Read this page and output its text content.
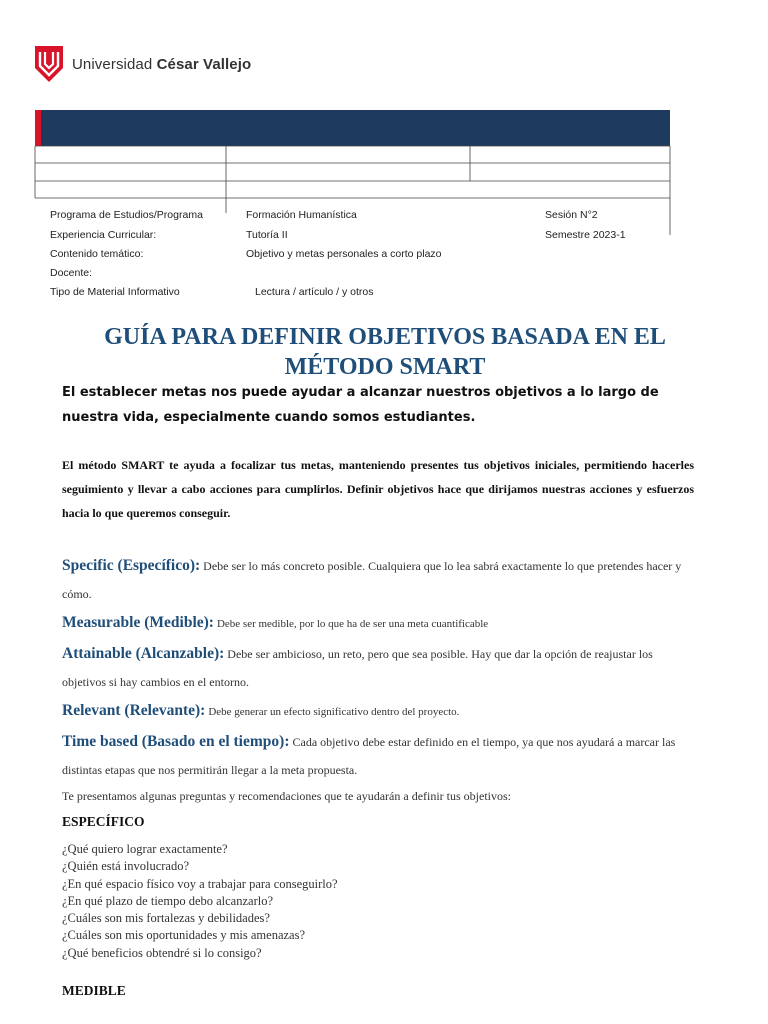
Universidad César Vallejo
Programa de Estudios/Programa	Formación Humanística	Sesión N°2
Experiencia Curricular:	Tutoría II	Semestre 2023-1
Contenido temático:	Objetivo y metas personales a corto plazo
Docente:
Tipo de Material Informativo	Lectura / artículo / y otros
GUÍA PARA DEFINIR OBJETIVOS BASADA EN EL
MÉTODO SMART
El establecer metas nos puede ayudar a alcanzar nuestros objetivos a lo largo de nuestra vida, especialmente cuando somos estudiantes.
El método SMART te ayuda a focalizar tus metas, manteniendo presentes tus objetivos iniciales, permitiendo hacerles seguimiento y llevar a cabo acciones para cumplirlos. Definir objetivos hace que dirijamos nuestras acciones y esfuerzos hacia lo que queremos conseguir.
Specific (Específico): Debe ser lo más concreto posible. Cualquiera que lo lea sabrá exactamente lo que pretendes hacer y cómo.
Measurable (Medible): Debe ser medible, por lo que ha de ser una meta cuantificable
Attainable (Alcanzable): Debe ser ambicioso, un reto, pero que sea posible. Hay que dar la opción de reajustar los objetivos si hay cambios en el entorno.
Relevant (Relevante): Debe generar un efecto significativo dentro del proyecto.
Time based (Basado en el tiempo): Cada objetivo debe estar definido en el tiempo, ya que nos ayudará a marcar las distintas etapas que nos permitirán llegar a la meta propuesta.
Te presentamos algunas preguntas y recomendaciones que te ayudarán a definir tus objetivos:
ESPECÍFICO
¿Qué quiero lograr exactamente?
¿Quién está involucrado?
¿En qué espacio físico voy a trabajar para conseguirlo?
¿En qué plazo de tiempo debo alcanzarlo?
¿Cuáles son mis fortalezas y debilidades?
¿Cuáles son mis oportunidades y mis amenazas?
¿Qué beneficios obtendré si lo consigo?
MEDIBLE
